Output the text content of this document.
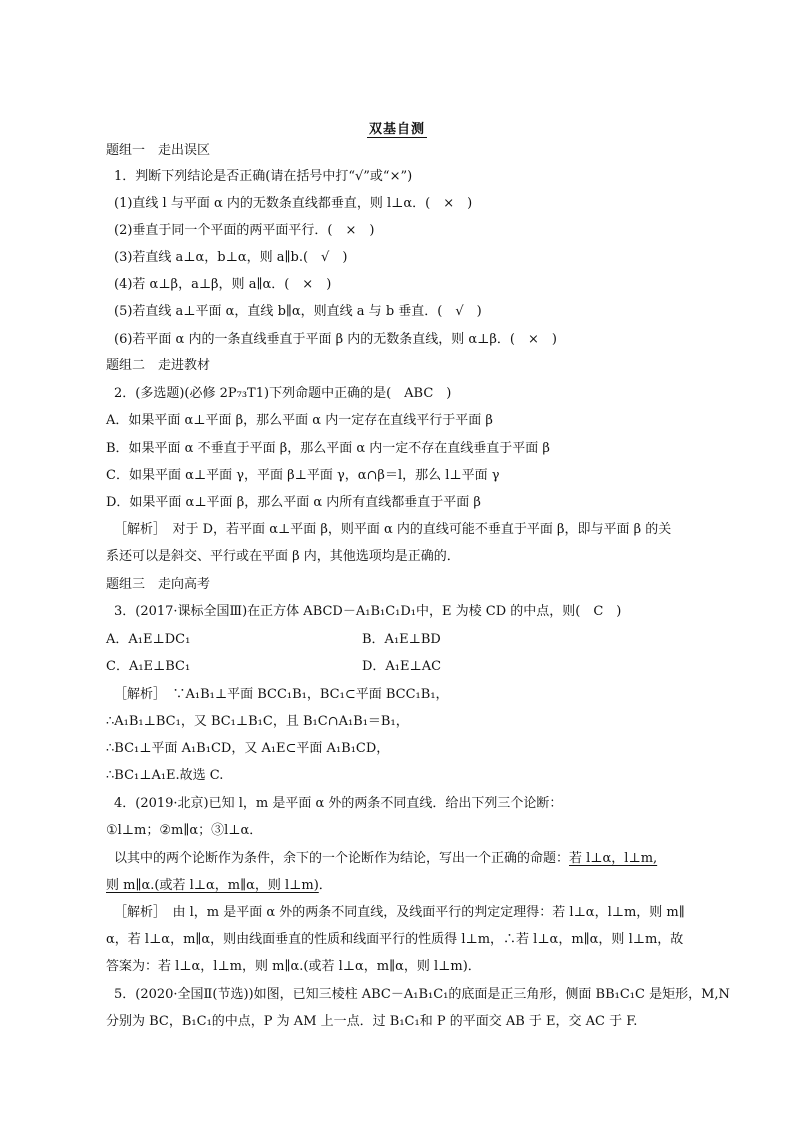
双基自测
题组一　走出误区
1．判断下列结论是否正确(请在括号中打“√”或“×”)
(1)直线 l 与平面 α 内的无数条直线都垂直，则 l⊥α．(　×　)
(2)垂直于同一个平面的两平面平行．(　×　)
(3)若直线 a⊥α，b⊥α，则 a∥b.(　√　)
(4)若 α⊥β，a⊥β，则 a∥α．(　×　)
(5)若直线 a⊥平面 α，直线 b∥α，则直线 a 与 b 垂直．(　√　)
(6)若平面 α 内的一条直线垂直于平面 β 内的无数条直线，则 α⊥β．(　×　)
题组二　走进教材
2．(多选题)(必修 2P₇₃T1)下列命题中正确的是(　ABC　)
A．如果平面 α⊥平面 β，那么平面 α 内一定存在直线平行于平面 β
B．如果平面 α 不垂直于平面 β，那么平面 α 内一定不存在直线垂直于平面 β
C．如果平面 α⊥平面 γ，平面 β⊥平面 γ，α∩β＝l，那么 l⊥平面 γ
D．如果平面 α⊥平面 β，那么平面 α 内所有直线都垂直于平面 β
［解析］　对于 D，若平面 α⊥平面 β，则平面 α 内的直线可能不垂直于平面 β，即与平面 β 的关
系还可以是斜交、平行或在平面 β 内，其他选项均是正确的．
题组三　走向高考
3．(2017·课标全国Ⅲ)在正方体 ABCD－A₁B₁C₁D₁中，E 为棱 CD 的中点，则(　C　)
A．A₁E⊥DC₁	B．A₁E⊥BD
C．A₁E⊥BC₁	D．A₁E⊥AC
［解析］　∵A₁B₁⊥平面 BCC₁B₁，BC₁⊂平面 BCC₁B₁，
∴A₁B₁⊥BC₁，又 BC₁⊥B₁C，且 B₁C∩A₁B₁＝B₁，
∴BC₁⊥平面 A₁B₁CD，又 A₁E⊂平面 A₁B₁CD，
∴BC₁⊥A₁E.故选 C.
4．(2019·北京)已知 l，m 是平面 α 外的两条不同直线．给出下列三个论断：
①l⊥m；②m∥α；③l⊥α．
以其中的两个论断作为条件，余下的一个论断作为结论，写出一个正确的命题：若 l⊥α，l⊥m,
则 m∥α.(或若 l⊥α，m∥α，则 l⊥m)．
［解析］　由 l，m 是平面 α 外的两条不同直线，及线面平行的判定定理得：若 l⊥α，l⊥m，则 m∥
α，若 l⊥α，m∥α，则由线面垂直的性质和线面平行的性质得 l⊥m，∴若 l⊥α，m∥α，则 l⊥m，故
答案为：若 l⊥α，l⊥m，则 m∥α.(或若 l⊥α，m∥α，则 l⊥m)．
5．(2020·全国Ⅱ(节选))如图，已知三棱柱 ABC－A₁B₁C₁的底面是正三角形，侧面 BB₁C₁C 是矩形，M,N
分别为 BC，B₁C₁的中点，P 为 AM 上一点．过 B₁C₁和 P 的平面交 AB 于 E，交 AC 于 F.
